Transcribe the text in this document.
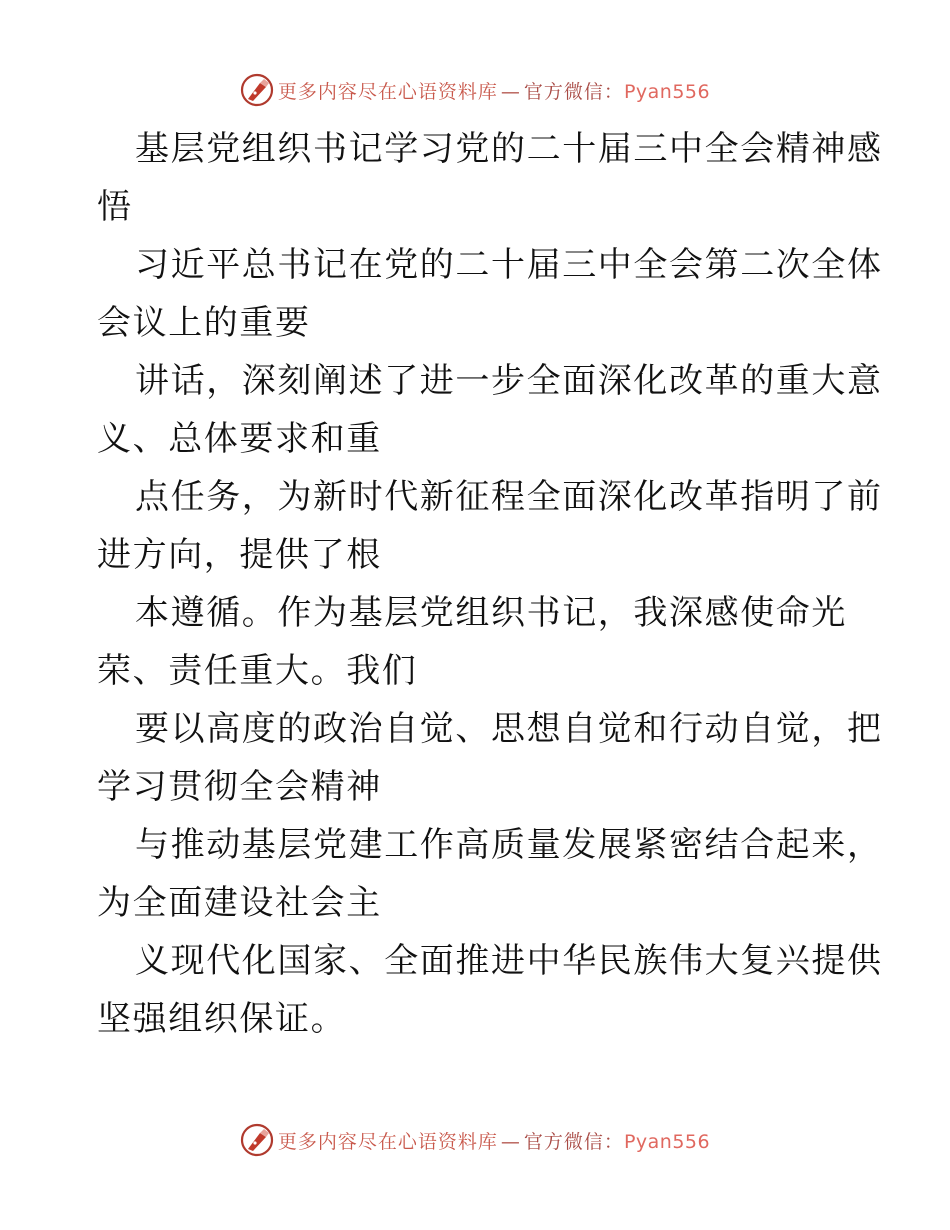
更多内容尽在心语资料库 — 官方微信：Pyan556
基层党组织书记学习党的二十届三中全会精神感
悟
习近平总书记在党的二十届三中全会第二次全体
会议上的重要
讲话，深刻阐述了进一步全面深化改革的重大意
义、总体要求和重
点任务，为新时代新征程全面深化改革指明了前
进方向，提供了根
本遵循。作为基层党组织书记，我深感使命光
荣、责任重大。我们
要以高度的政治自觉、思想自觉和行动自觉，把
学习贯彻全会精神
与推动基层党建工作高质量发展紧密结合起来，
为全面建设社会主
义现代化国家、全面推进中华民族伟大复兴提供
坚强组织保证。
更多内容尽在心语资料库 — 官方微信：Pyan556
